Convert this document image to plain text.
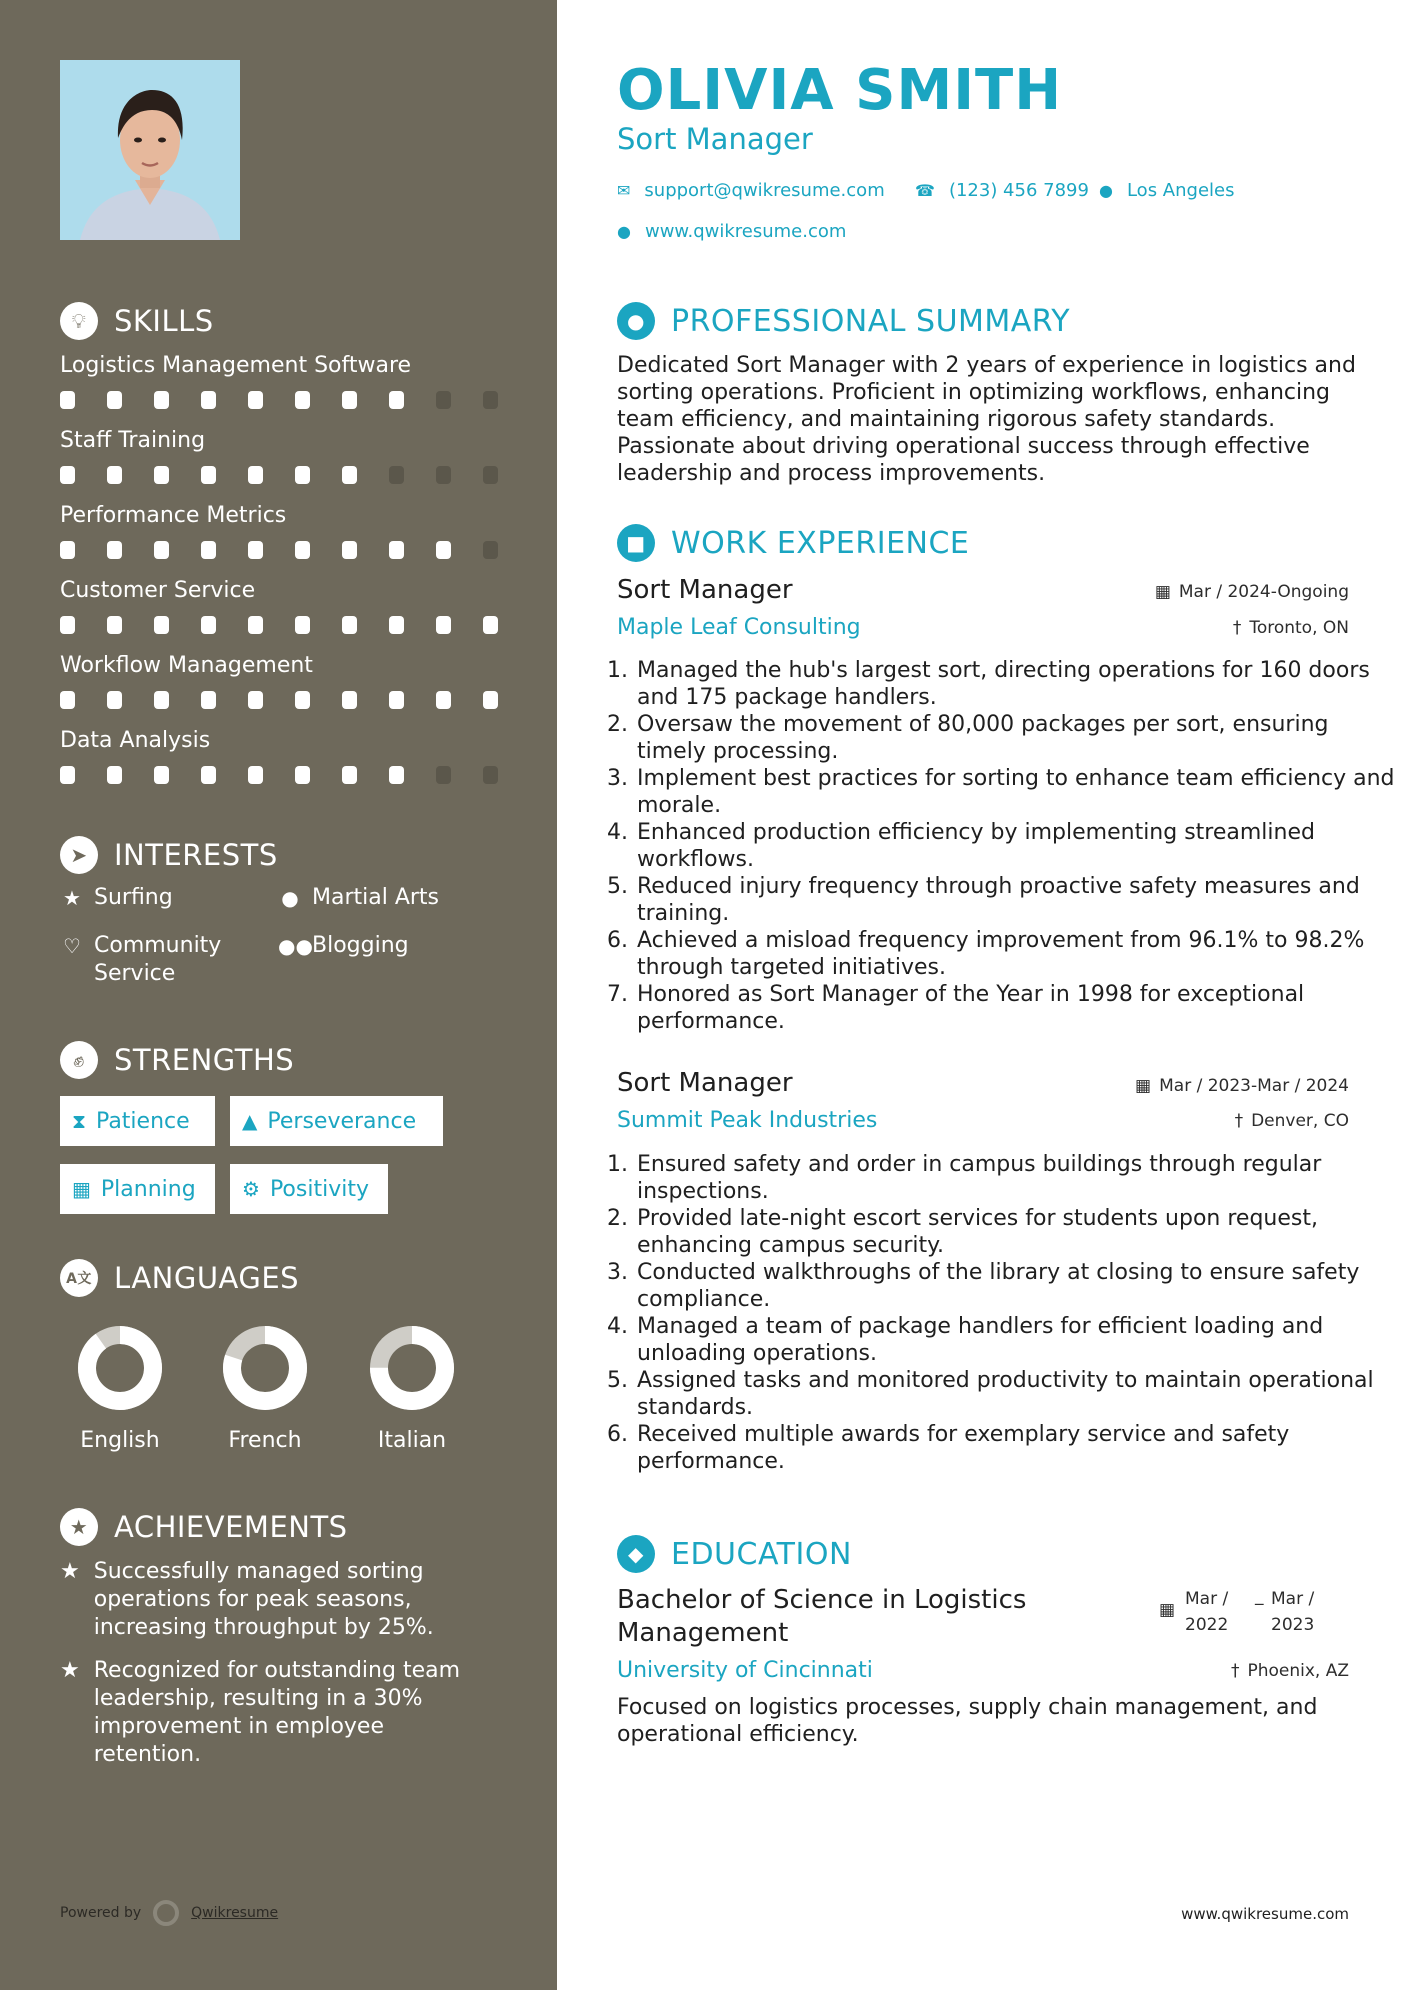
💡︎ SKILLS
Logistics Management Software
Staff Training
Performance Metrics
Customer Service
Workflow Management
Data Analysis
➤ INTERESTS
★ Surfing	● Martial Arts
♡ Community Service
●● Blogging
✊︎	STRENGTHS
⧗ Patience	▲ Perseverance
▦ Planning ⚙︎ Positivity
A文 LANGUAGES
English	French	Italian
★ ACHIEVEMENTS
★ Successfully managed sorting operations for peak seasons, increasing throughput by 25%.
★ Recognized for outstanding team leadership, resulting in a 30% improvement in employee retention.
Powered by	Qwikresume
OLIVIA SMITH
Sort Manager
✉ support@qwikresume.com ☎ (123) 456 7899 ● Los Angeles
● www.qwikresume.com
● PROFESSIONAL SUMMARY
Dedicated Sort Manager with 2 years of experience in logistics and sorting operations. Proficient in optimizing workflows, enhancing team efficiency, and maintaining rigorous safety standards. Passionate about driving operational success through effective leadership and process improvements.
■ WORK EXPERIENCE
Sort Manager	▦ Mar / 2024-Ongoing
Maple Leaf Consulting	† Toronto, ON
1. Managed the hub's largest sort, directing operations for 160 doors and 175 package handlers.
2. Oversaw the movement of 80,000 packages per sort, ensuring timely processing.
3. Implement best practices for sorting to enhance team efficiency and morale.
4. Enhanced production efficiency by implementing streamlined workflows.
5. Reduced injury frequency through proactive safety measures and training.
6. Achieved a misload frequency improvement from 96.1% to 98.2% through targeted initiatives.
7. Honored as Sort Manager of the Year in 1998 for exceptional performance.
Sort Manager	▦ Mar / 2023-Mar / 2024
Summit Peak Industries	† Denver, CO
1. Ensured safety and order in campus buildings through regular inspections.
2. Provided late-night escort services for students upon request, enhancing campus security.
3. Conducted walkthroughs of the library at closing to ensure safety compliance.
4. Managed a team of package handlers for efficient loading and unloading operations.
5. Assigned tasks and monitored productivity to maintain operational standards.
6. Received multiple awards for exemplary service and safety performance.
◆ EDUCATION
Bachelor of Science in Logistics Management
▦
Mar / 2022
_ Mar / 2023
University of Cincinnati	† Phoenix, AZ
Focused on logistics processes, supply chain management, and operational efficiency.
www.qwikresume.com
